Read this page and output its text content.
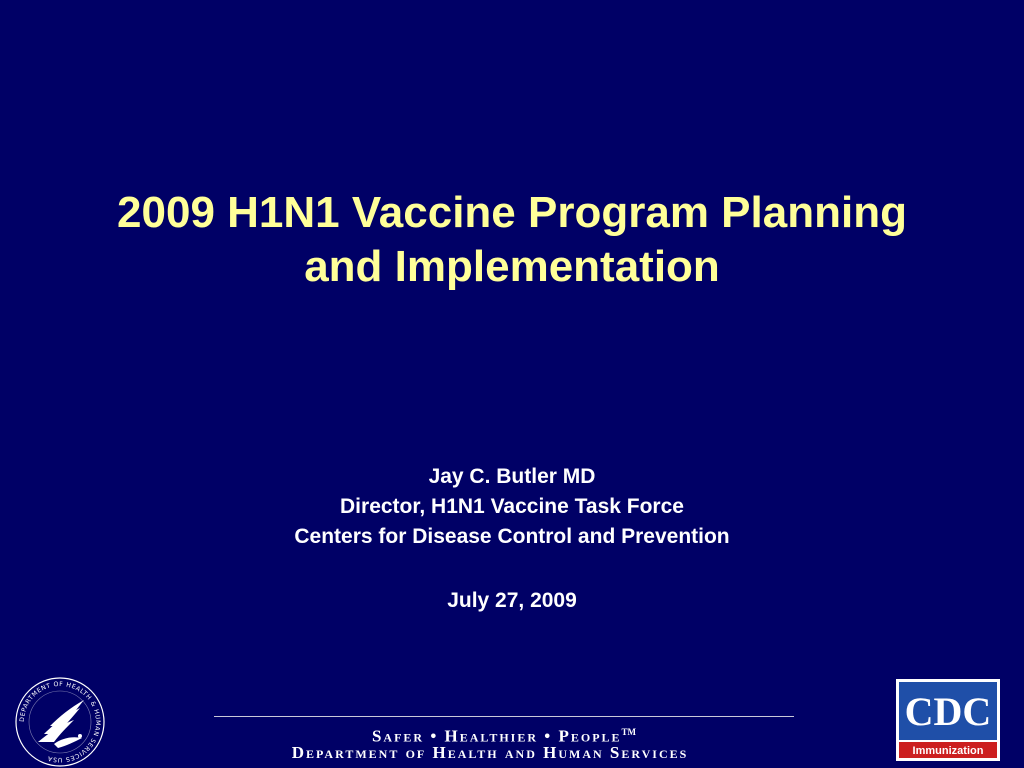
2009 H1N1 Vaccine Program Planning
and Implementation
Jay C. Butler MD
Director, H1N1 Vaccine Task Force
Centers for Disease Control and Prevention
July 27, 2009
DEPARTMENT OF HEALTH & HUMAN SERVICES USA
Safer • Healthier • People™
Department of Health and Human Services
CDC
Immunization
